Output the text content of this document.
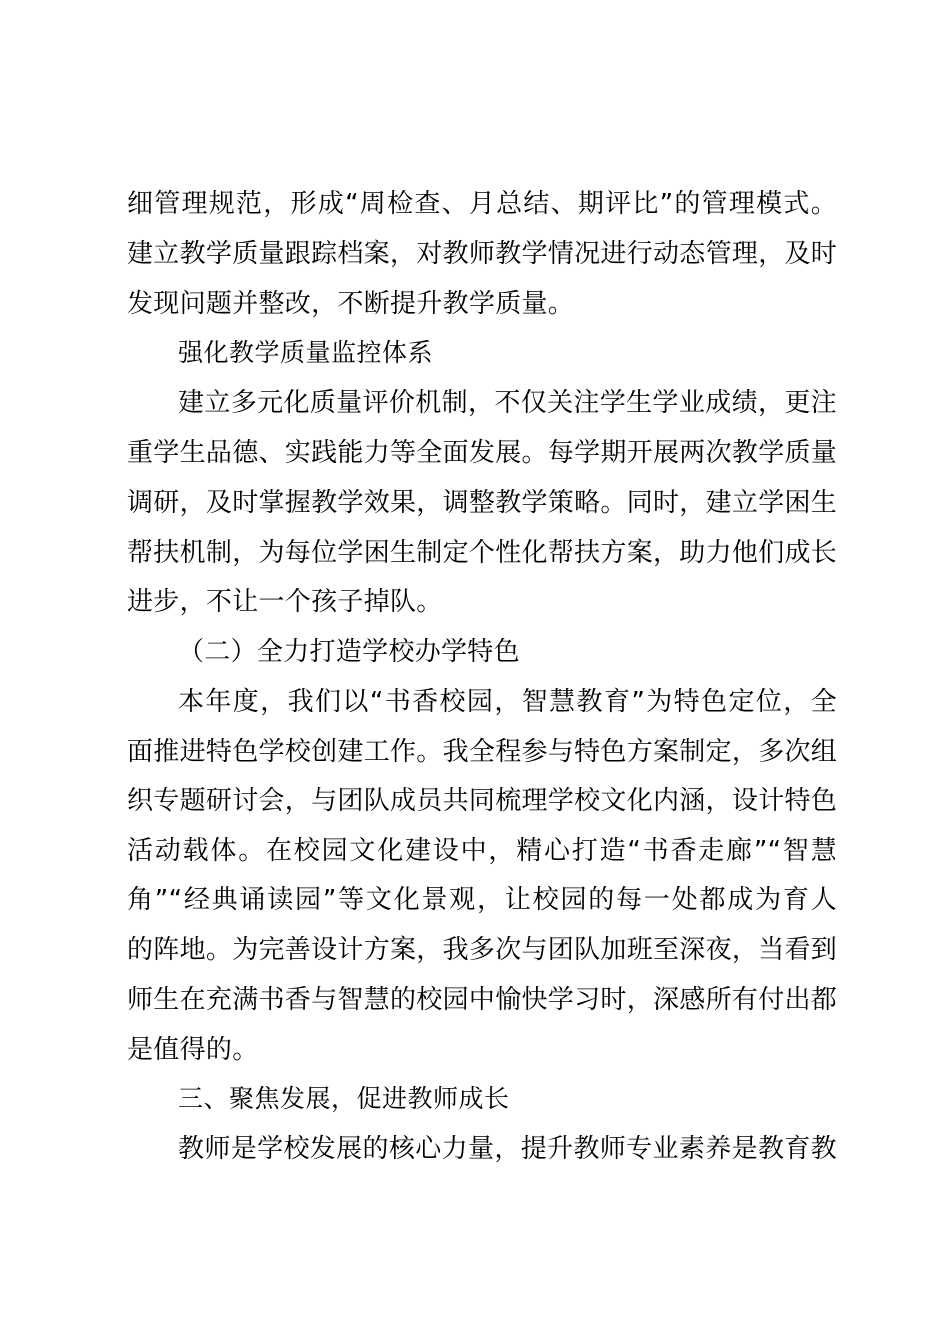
细管理规范，形成“周检查、月总结、期评比”的管理模式。
建立教学质量跟踪档案，对教师教学情况进行动态管理，及时
发现问题并整改，不断提升教学质量。
强化教学质量监控体系
建立多元化质量评价机制，不仅关注学生学业成绩，更注
重学生品德、实践能力等全面发展。每学期开展两次教学质量
调研，及时掌握教学效果，调整教学策略。同时，建立学困生
帮扶机制，为每位学困生制定个性化帮扶方案，助力他们成长
进步，不让一个孩子掉队。
（二）全力打造学校办学特色
本年度，我们以“书香校园，智慧教育”为特色定位，全
面推进特色学校创建工作。我全程参与特色方案制定，多次组
织专题研讨会，与团队成员共同梳理学校文化内涵，设计特色
活动载体。在校园文化建设中，精心打造“书香走廊”“智慧
角”“经典诵读园”等文化景观，让校园的每一处都成为育人
的阵地。为完善设计方案，我多次与团队加班至深夜，当看到
师生在充满书香与智慧的校园中愉快学习时，深感所有付出都
是值得的。
三、聚焦发展，促进教师成长
教师是学校发展的核心力量，提升教师专业素养是教育教
